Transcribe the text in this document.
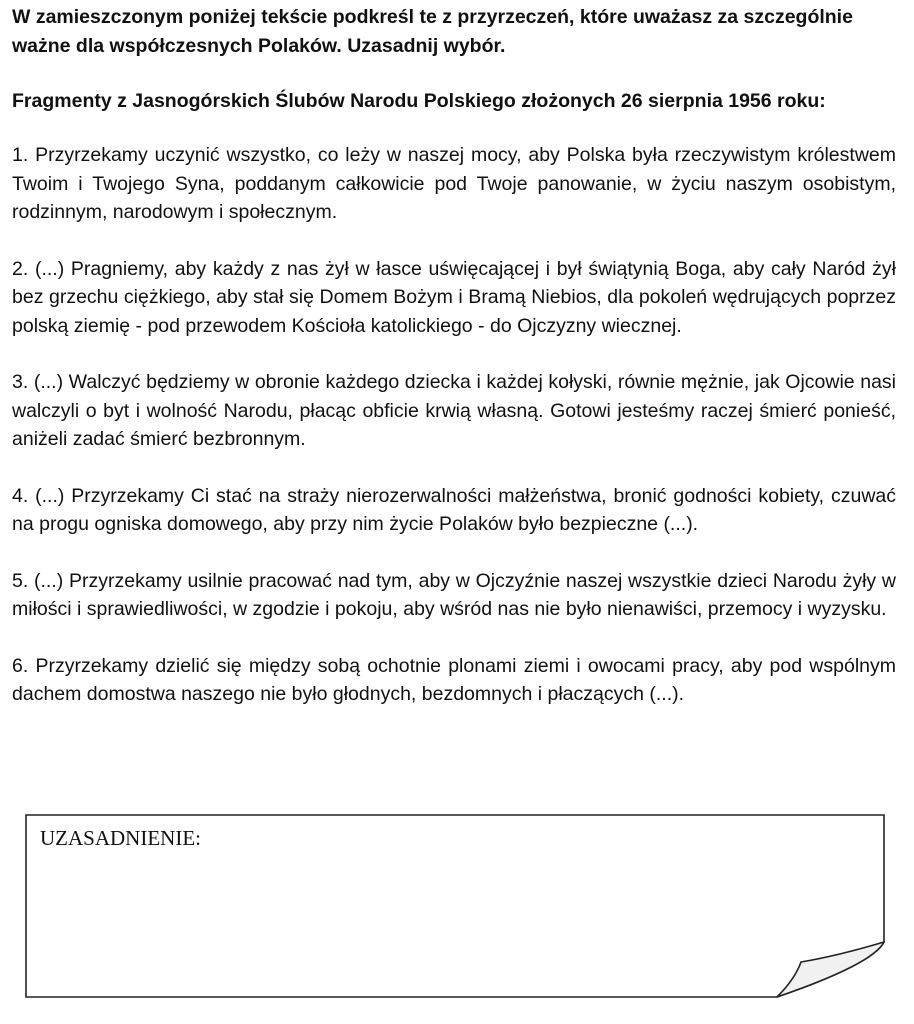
W zamieszczonym poniżej tekście podkreśl te z przyrzeczeń, które uważasz za szczególnie ważne dla współczesnych Polaków. Uzasadnij wybór.

Fragmenty z Jasnogórskich Ślubów Narodu Polskiego złożonych 26 sierpnia 1956 roku:

1. Przyrzekamy uczynić wszystko, co leży w naszej mocy, aby Polska była rzeczywistym królestwem Twoim i Twojego Syna, poddanym całkowicie pod Twoje panowanie, w życiu naszym osobistym, rodzinnym, narodowym i społecznym.
2. (...) Pragniemy, aby każdy z nas żył w łasce uświęcającej i był świątynią Boga, aby cały Naród żył bez grzechu ciężkiego, aby stał się Domem Bożym i Bramą Niebios, dla pokoleń wędrujących poprzez polską ziemię - pod przewodem Kościoła katolickiego - do Ojczyzny wiecznej.
3. (...) Walczyć będziemy w obronie każdego dziecka i każdej kołyski, równie mężnie, jak Ojcowie nasi walczyli o byt i wolność Narodu, płacąc obficie krwią własną. Gotowi jesteśmy raczej śmierć ponieść, aniżeli zadać śmierć bezbronnym.
4. (...) Przyrzekamy Ci stać na straży nierozerwalności małżeństwa, bronić godności kobiety, czuwać na progu ogniska domowego, aby przy nim życie Polaków było bezpieczne (...).
5. (...) Przyrzekamy usilnie pracować nad tym, aby w Ojczyźnie naszej wszystkie dzieci Narodu żyły w miłości i sprawiedliwości, w zgodzie i pokoju, aby wśród nas nie było nienawiści, przemocy i wyzysku.
6. Przyrzekamy dzielić się między sobą ochotnie plonami ziemi i owocami pracy, aby pod wspólnym dachem domostwa naszego nie było głodnych, bezdomnych i płaczących (...).
UZASADNIENIE:
